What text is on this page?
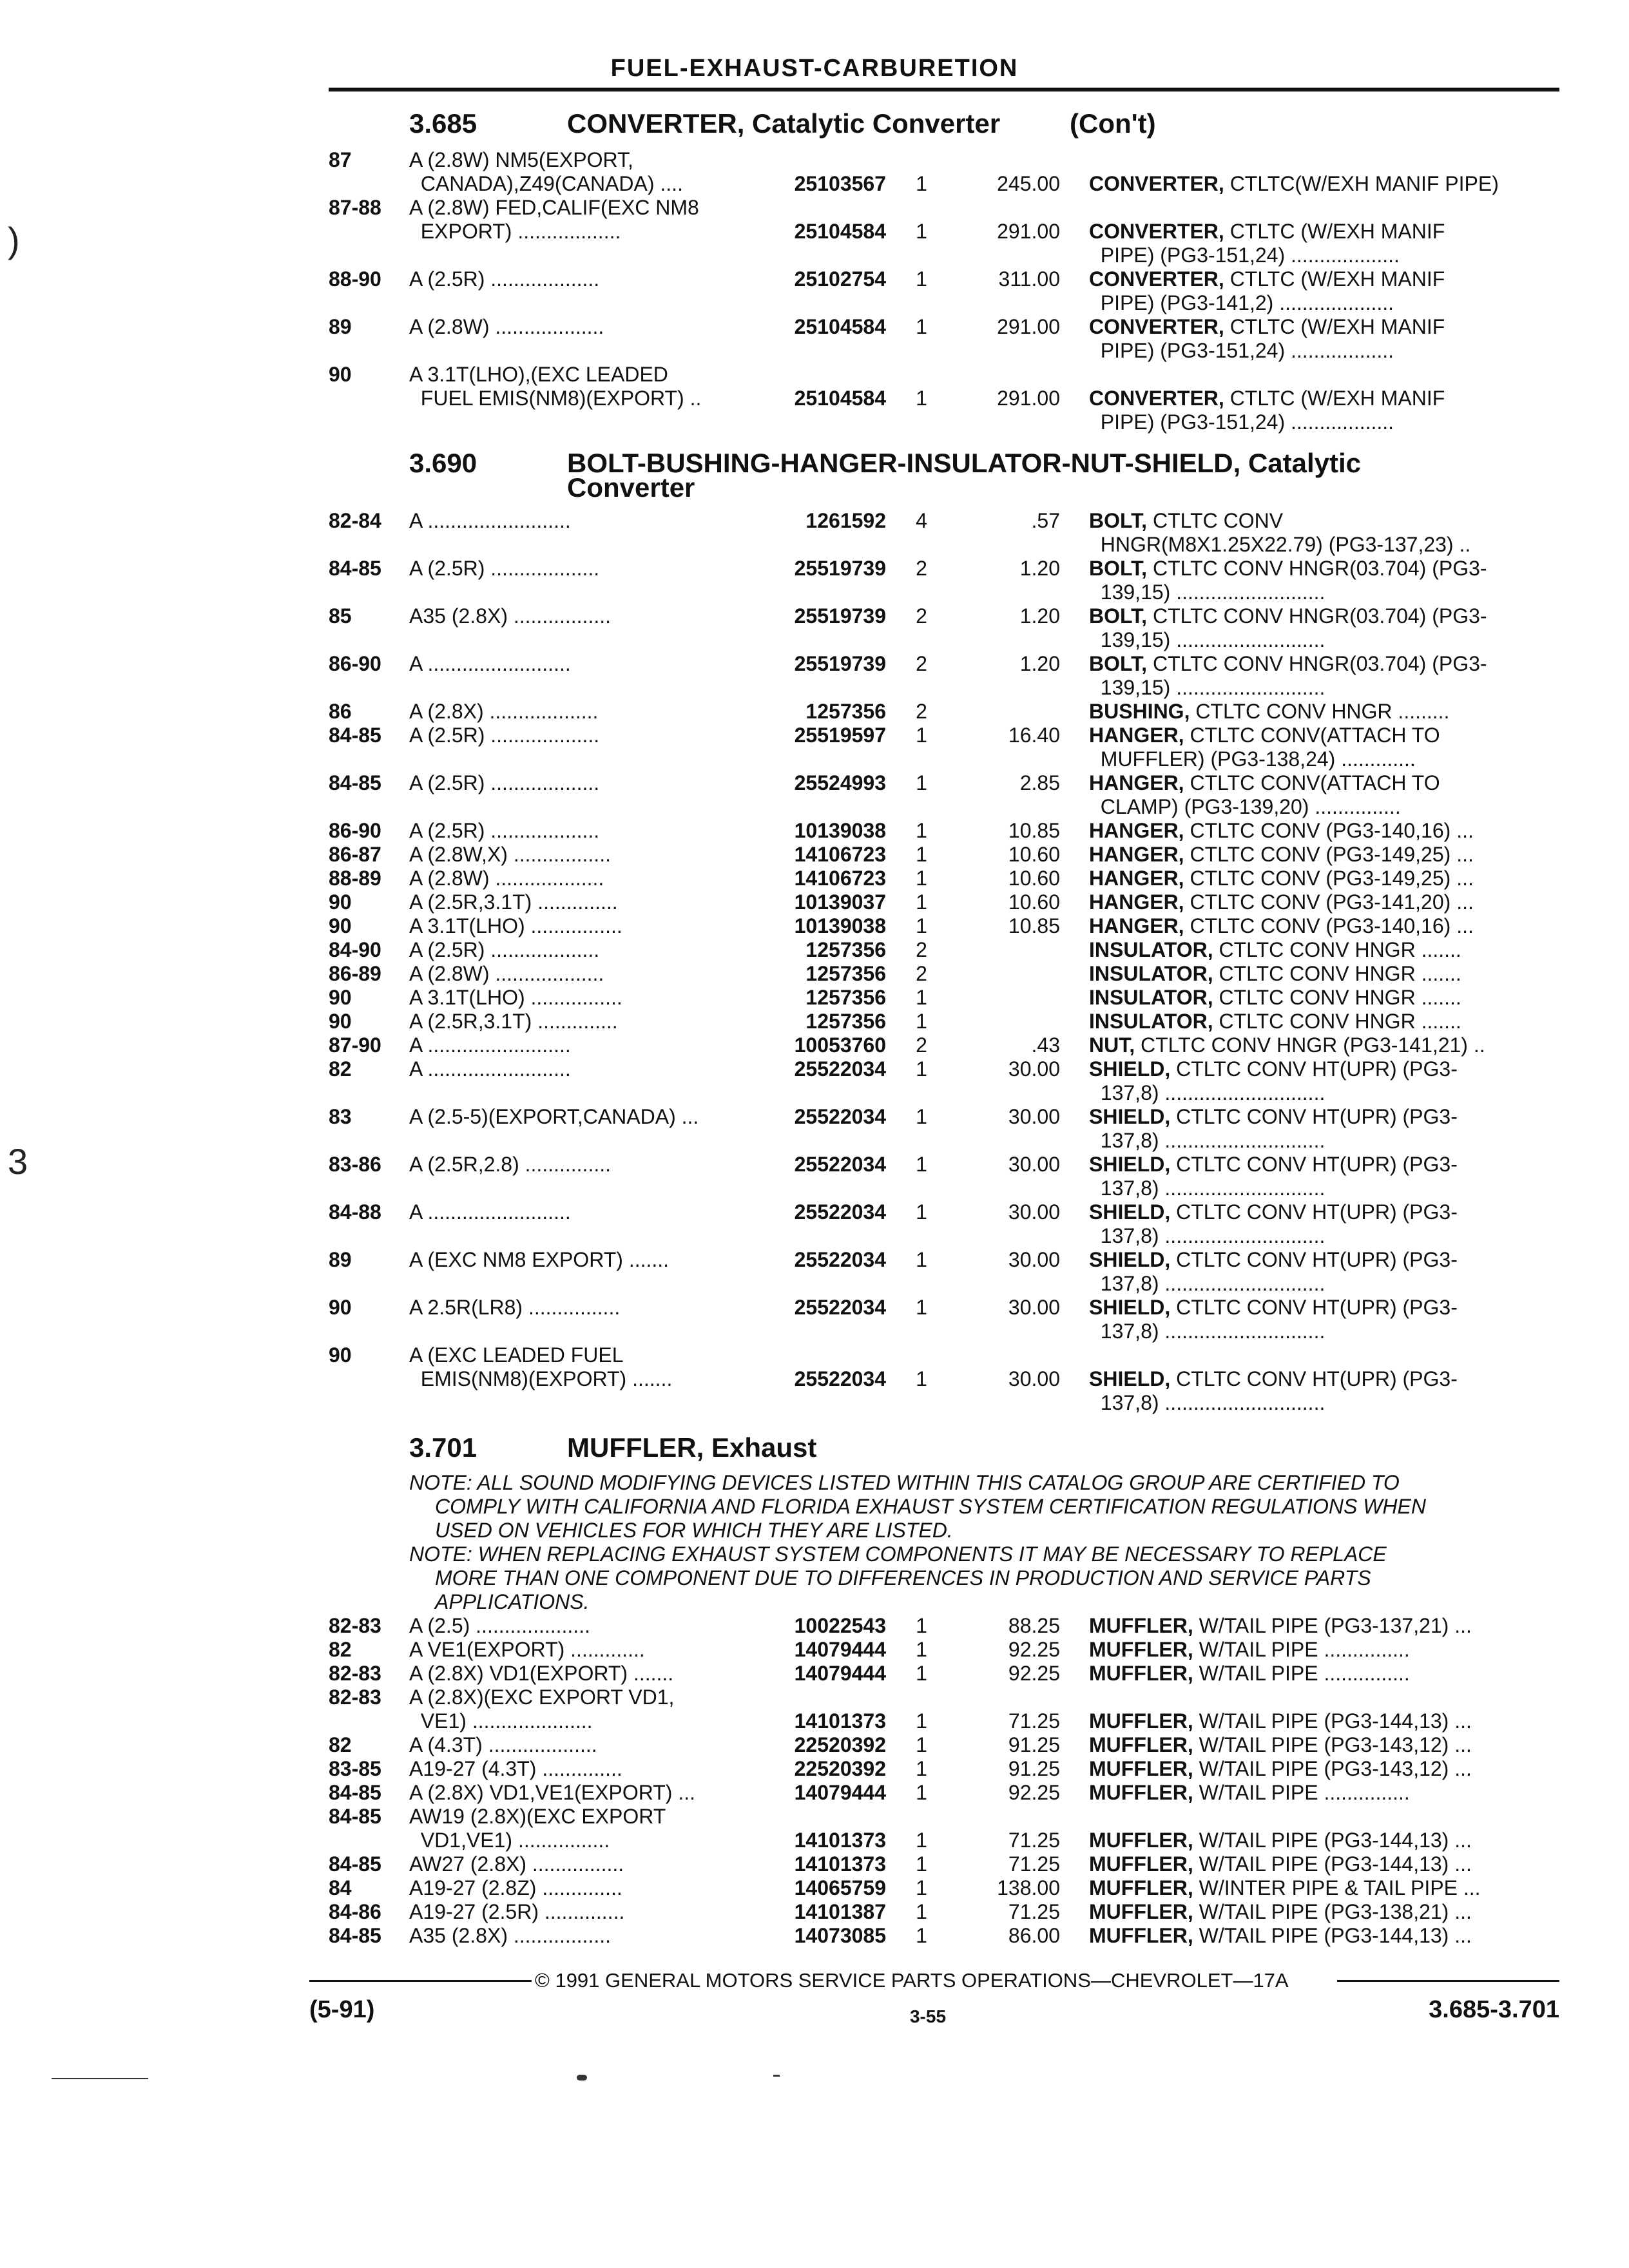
FUEL-EXHAUST-CARBURETION
3.685	CONVERTER, Catalytic Converter	(Con't)
3.690	BOLT-BUSHING-HANGER-INSULATOR-NUT-SHIELD, Catalytic
Converter
3.701	MUFFLER, Exhaust
NOTE: ALL SOUND MODIFYING DEVICES LISTED WITHIN THIS CATALOG GROUP ARE CERTIFIED TO
COMPLY WITH CALIFORNIA AND FLORIDA EXHAUST SYSTEM CERTIFICATION REGULATIONS WHEN
USED ON VEHICLES FOR WHICH THEY ARE LISTED.
NOTE: WHEN REPLACING EXHAUST SYSTEM COMPONENTS IT MAY BE NECESSARY TO REPLACE
MORE THAN ONE COMPONENT DUE TO DIFFERENCES IN PRODUCTION AND SERVICE PARTS
APPLICATIONS.
87	A (2.8W) NM5(EXPORT,
CANADA),Z49(CANADA) ....	25103567	1	245.00 CONVERTER, CTLTC(W/EXH MANIF PIPE)
87-88 A (2.8W) FED,CALIF(EXC NM8
EXPORT) ..................	25104584	1	291.00 CONVERTER, CTLTC (W/EXH MANIF
PIPE) (PG3-151,24) ...................
88-90 A (2.5R) ...................	25102754	1	311.00 CONVERTER, CTLTC (W/EXH MANIF
PIPE) (PG3-141,2) ....................
89	A (2.8W) ...................	25104584	1	291.00 CONVERTER, CTLTC (W/EXH MANIF
PIPE) (PG3-151,24) ..................
90	A 3.1T(LHO),(EXC LEADED
FUEL EMIS(NM8)(EXPORT) ..	25104584	1	291.00 CONVERTER, CTLTC (W/EXH MANIF
PIPE) (PG3-151,24) ..................
82-84 A .........................	1261592	4	.57 BOLT, CTLTC CONV
HNGR(M8X1.25X22.79) (PG3-137,23) ..
84-85 A (2.5R) ...................	25519739	2	1.20 BOLT, CTLTC CONV HNGR(03.704) (PG3-
139,15) ..........................
85	A35 (2.8X) .................	25519739	2	1.20 BOLT, CTLTC CONV HNGR(03.704) (PG3-
139,15) ..........................
86-90 A .........................	25519739	2	1.20 BOLT, CTLTC CONV HNGR(03.704) (PG3-
139,15) ..........................
86	A (2.8X) ...................	1257356	2	BUSHING, CTLTC CONV HNGR .........
84-85 A (2.5R) ...................	25519597	1	16.40 HANGER, CTLTC CONV(ATTACH TO
MUFFLER) (PG3-138,24) .............
84-85 A (2.5R) ...................	25524993	1	2.85 HANGER, CTLTC CONV(ATTACH TO
CLAMP) (PG3-139,20) ...............
86-90 A (2.5R) ...................	10139038	1	10.85 HANGER, CTLTC CONV (PG3-140,16) ...
86-87 A (2.8W,X) .................	14106723	1	10.60 HANGER, CTLTC CONV (PG3-149,25) ...
88-89 A (2.8W) ...................	14106723	1	10.60 HANGER, CTLTC CONV (PG3-149,25) ...
90	A (2.5R,3.1T) ..............	10139037	1	10.60 HANGER, CTLTC CONV (PG3-141,20) ...
90	A 3.1T(LHO) ................	10139038	1	10.85 HANGER, CTLTC CONV (PG3-140,16) ...
84-90 A (2.5R) ...................	1257356	2	INSULATOR, CTLTC CONV HNGR .......
86-89 A (2.8W) ...................	1257356	2	INSULATOR, CTLTC CONV HNGR .......
90	A 3.1T(LHO) ................	1257356	1	INSULATOR, CTLTC CONV HNGR .......
90	A (2.5R,3.1T) ..............	1257356	1	INSULATOR, CTLTC CONV HNGR .......
87-90 A .........................	10053760	2	.43 NUT, CTLTC CONV HNGR (PG3-141,21) ..
82	A .........................	25522034	1	30.00 SHIELD, CTLTC CONV HT(UPR) (PG3-
137,8) ............................
83	A (2.5-5)(EXPORT,CANADA) ...	25522034	1	30.00 SHIELD, CTLTC CONV HT(UPR) (PG3-
137,8) ............................
83-86 A (2.5R,2.8) ...............	25522034	1	30.00 SHIELD, CTLTC CONV HT(UPR) (PG3-
137,8) ............................
84-88 A .........................	25522034	1	30.00 SHIELD, CTLTC CONV HT(UPR) (PG3-
137,8) ............................
89	A (EXC NM8 EXPORT) .......	25522034	1	30.00 SHIELD, CTLTC CONV HT(UPR) (PG3-
137,8) ............................
90	A 2.5R(LR8) ................	25522034	1	30.00 SHIELD, CTLTC CONV HT(UPR) (PG3-
137,8) ............................
90	A (EXC LEADED FUEL
EMIS(NM8)(EXPORT) .......	25522034	1	30.00 SHIELD, CTLTC CONV HT(UPR) (PG3-
137,8) ............................
82-83 A (2.5) ....................	10022543	1	88.25 MUFFLER, W/TAIL PIPE (PG3-137,21) ...
82	A VE1(EXPORT) .............	14079444	1	92.25 MUFFLER, W/TAIL PIPE ...............
82-83 A (2.8X) VD1(EXPORT) .......	14079444	1	92.25 MUFFLER, W/TAIL PIPE ...............
82-83 A (2.8X)(EXC EXPORT VD1,
VE1) .....................	14101373	1	71.25 MUFFLER, W/TAIL PIPE (PG3-144,13) ...
82	A (4.3T) ...................	22520392	1	91.25 MUFFLER, W/TAIL PIPE (PG3-143,12) ...
83-85 A19-27 (4.3T) ..............	22520392	1	91.25 MUFFLER, W/TAIL PIPE (PG3-143,12) ...
84-85 A (2.8X) VD1,VE1(EXPORT) ...	14079444	1	92.25 MUFFLER, W/TAIL PIPE ...............
84-85 AW19 (2.8X)(EXC EXPORT
VD1,VE1) ................	14101373	1	71.25 MUFFLER, W/TAIL PIPE (PG3-144,13) ...
84-85 AW27 (2.8X) ................	14101373	1	71.25 MUFFLER, W/TAIL PIPE (PG3-144,13) ...
84	A19-27 (2.8Z) ..............	14065759	1	138.00 MUFFLER, W/INTER PIPE & TAIL PIPE ...
84-86 A19-27 (2.5R) ..............	14101387	1	71.25 MUFFLER, W/TAIL PIPE (PG3-138,21) ...
84-85 A35 (2.8X) .................	14073085	1	86.00 MUFFLER, W/TAIL PIPE (PG3-144,13) ...
© 1991 GENERAL MOTORS SERVICE PARTS OPERATIONS—CHEVROLET—17A
(5-91)	3-55	3.685-3.701
)
3
